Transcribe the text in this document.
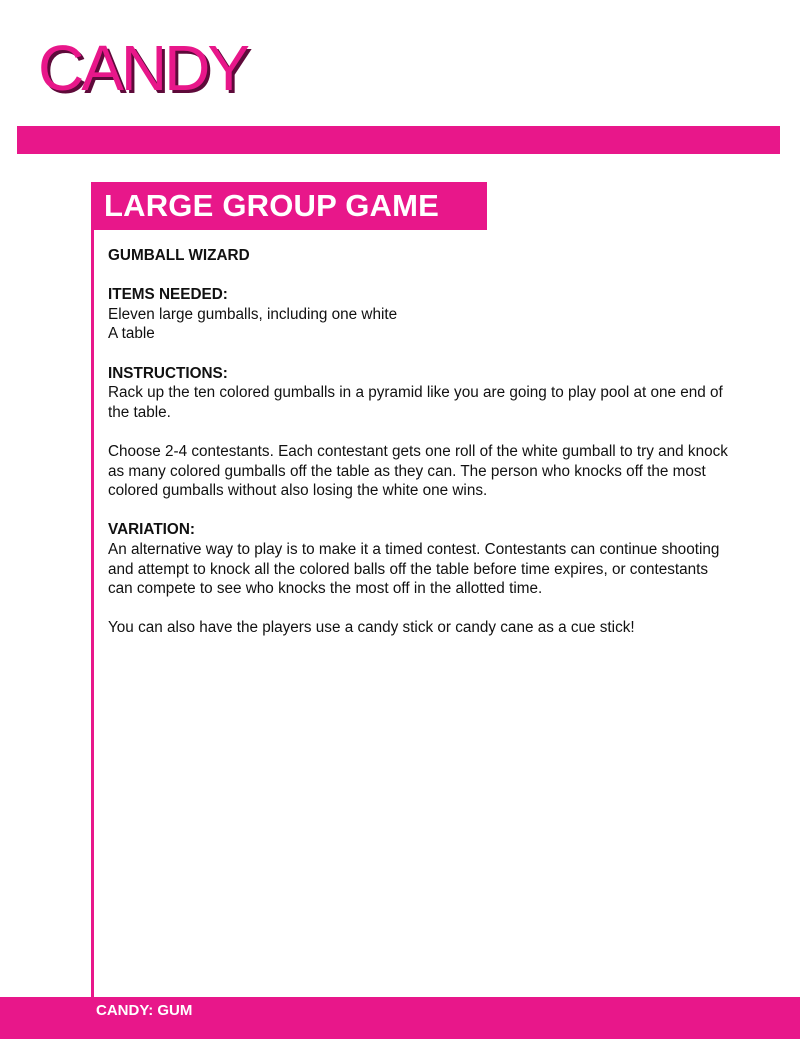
CANDY
LARGE GROUP GAME

GUMBALL WIZARD

ITEMS NEEDED:

Eleven large gumballs, including one white

A table

INSTRUCTIONS:

Rack up the ten colored gumballs in a pyramid like you are going to play pool at one end of the table.

Choose 2-4 contestants. Each contestant gets one roll of the white gumball to try and knock as many colored gumballs off the table as they can. The person who knocks off the most colored gumballs without also losing the white one wins.

VARIATION:

An alternative way to play is to make it a timed contest. Contestants can continue shooting and attempt to knock all the colored balls off the table before time expires, or contestants can compete to see who knocks the most off in the allotted time.

You can also have the players use a candy stick or candy cane as a cue stick!

CANDY: GUM
